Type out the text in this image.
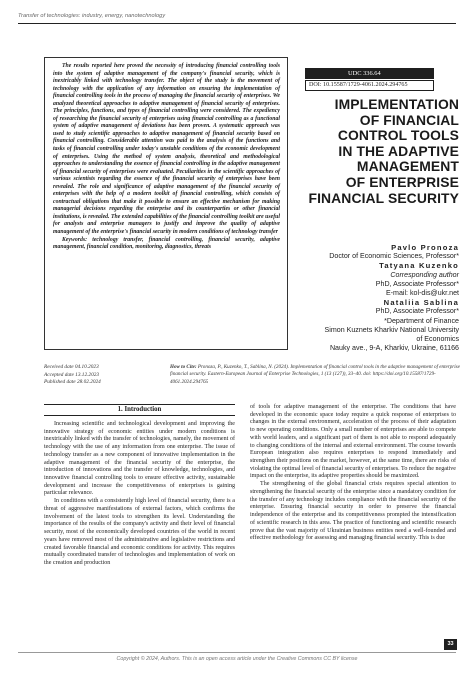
Transfer of technologies: industry, energy, nanotechnology

The results reported here proved the necessity of introducing financial controlling tools into the system of adaptive management of the company's financial security, which is inextricably linked with technology transfer. The object of the study is the movement of technology with the application of any information on ensuring the implementation of financial controlling tools in the process of managing the financial security of enterprises. We analyzed theoretical approaches to adaptive management of financial security of enterprises. The principles, functions, and types of financial controlling were considered. The expediency of researching the financial security of enterprises using financial controlling as a functional system of adaptive management of deviations has been proven. A systematic approach was used to study scientific approaches to adaptive management of financial security based on financial controlling. Considerable attention was paid to the analysis of the functions and tasks of financial controlling under today's unstable conditions of the economic development of enterprises. Using the method of system analysis, theoretical and methodological approaches to understanding the essence of financial controlling in the adaptive management of financial security of enterprises were evaluated. Peculiarities in the scientific approaches of various scientists regarding the essence of the financial security of enterprises have been revealed. The role and significance of adaptive management of the financial security of enterprises with the help of a modern toolkit of financial controlling, which consists of contractual obligations that make it possible to ensure an effective mechanism for making managerial decisions regarding the enterprise and its counterparties or other financial institutions, is revealed. The extended capabilities of the financial controlling toolkit are useful for analysts and enterprise managers to justify and improve the quality of adaptive management of the enterprise's financial security in modern conditions of technology transfer

Keywords: technology transfer, financial controlling, financial security, adaptive management, financial condition, monitoring, diagnostics, threats

UDC 336.64
DOI: 10.15587/1729-4061.2024.294765
IMPLEMENTATION
OF FINANCIAL
CONTROL TOOLS
IN THE ADAPTIVE
MANAGEMENT
OF ENTERPRISE
FINANCIAL SECURITY
Pavlo Pronoza
Doctor of Economic Sciences, Professor*
Tatyana Kuzenko
Corresponding author
PhD, Associate Professor*
E-mail: kol-dis@ukr.net
Nataliia Sablina
PhD, Associate Professor*
*Department of Finance
Simon Kuznets Kharkiv National University
of Economics
Nauky ave., 9-A, Kharkiv, Ukraine, 61166
Received date 04.10.2023
Accepted date 13.12.2023
Published date 28.02.2024
How to Cite: Pronoza, P., Kuzenko, T., Sablina, N. (2024). Implementation of financial control tools in the adaptive management of enterprise financial security. Eastern-European Journal of Enterprise Technologies, 1 (13 (127)), 33–40. doi: https://doi.org/10.15587/1729-4061.2024.294765
1. Introduction

Increasing scientific and technological development and improving the innovative strategy of economic entities under modern conditions is inextricably linked with the transfer of technologies, namely, the movement of technology with the use of any information from one enterprise. The issue of technology transfer as a new component of innovative implementation in the adaptive management of the financial security of the enterprise, the introduction of innovations and the transfer of knowledge, technologies, and innovative financial controlling tools to ensure effective activity, sustainable development and increase the competitiveness of enterprises is gaining particular relevance.

In conditions with a consistently high level of financial security, there is a threat of aggressive manifestations of external factors, which confirms the involvement of the latest tools to strengthen its level. Understanding the importance of the results of the company's activity and their level of financial security, most of the economically developed countries of the world in recent years have removed most of the administrative and legislative restrictions and created favorable financial and economic conditions for activity. This requires mutually coordinated transfer of technologies and implementation of work on the creation and production

of tools for adaptive management of the enterprise. The conditions that have developed in the economic space today require a quick response of enterprises to changes in the external environment, acceleration of the process of their adaptation to new operating conditions. Only a small number of enterprises are able to compete with world leaders, and a significant part of them is not able to respond adequately to changing conditions of the internal and external environment. The course towards European integration also requires enterprises to respond immediately and strengthen their positions on the market, however, at the same time, there are risks of violating the optimal level of financial security of enterprises. To reduce the negative impact on the enterprise, its adaptive properties should be maximized.

The strengthening of the global financial crisis requires special attention to strengthening the financial security of the enterprise since a mandatory condition for the transfer of any technology includes compliance with the financial security of the enterprise. Ensuring financial security in order to preserve the financial independence of the enterprise and its competitiveness prompted the intensification of scientific research in this area. The practice of functioning and scientific research prove that the vast majority of Ukrainian business entities need a well-founded and effective methodology for assessing and managing financial security. This is due

33
Copyright © 2024, Authors. This is an open access article under the Creative Commons CC BY license
